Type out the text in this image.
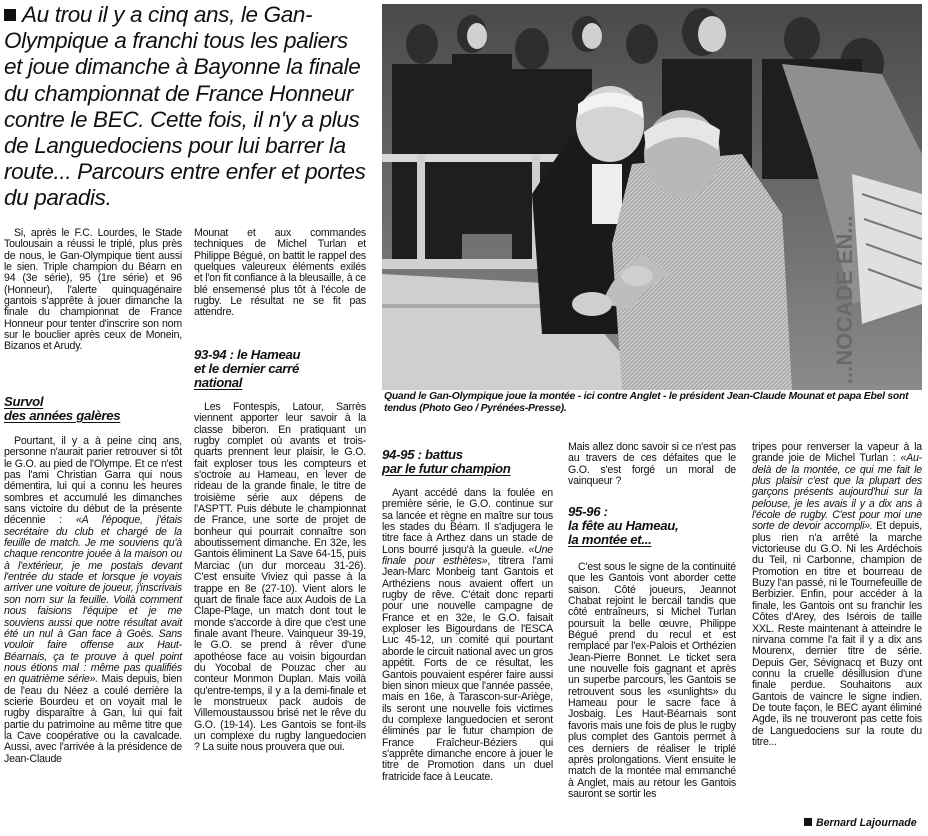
Au trou il y a cinq ans, le Gan-Olympique a franchi tous les paliers et joue dimanche à Bayonne la finale du championnat de France Honneur contre le BEC. Cette fois, il n'y a plus de Languedociens pour lui barrer la route... Parcours entre enfer et portes du paradis.

Si, après le F.C. Lourdes, le Stade Toulousain a réussi le triplé, plus près de nous, le Gan-Olympique tient aussi le sien. Triple champion du Béarn en 94 (3e série), 95 (1re série) et 96 (Honneur), l'alerte quinquagénaire gantois s'apprête à jouer dimanche la finale du championnat de France Honneur pour tenter d'inscrire son nom sur le bouclier après ceux de Monein, Bizanos et Arudy.

Survol
des années galères

Pourtant, il y a à peine cinq ans, personne n'aurait parier retrouver si tôt le G.O. au pied de l'Olympe. Et ce n'est pas l'ami Christian Garra qui nous démentira, lui qui a connu les heures sombres et accumulé les dimanches sans victoire du début de la présente décennie : «A l'époque, j'étais secrétaire du club et chargé de la feuille de match. Je me souviens qu'à chaque rencontre jouée à la maison ou à l'extérieur, je me postais devant l'entrée du stade et lorsque je voyais arriver une voiture de joueur, j'inscrivais son nom sur la feuille. Voilà comment nous faisions l'équipe et je me souviens aussi que notre résultat avait été un nul à Gan face à Goès. Sans vouloir faire offense aux Haut-Béarnais, ça te prouve à quel point nous étions mal : même pas qualifiés en quatrième série». Mais depuis, bien de l'eau du Néez a coulé derrière la scierie Bourdeu et on voyait mal le rugby disparaître à Gan, lui qui fait partie du patrimoine au même titre que la Cave coopérative ou la cavalcade. Aussi, avec l'arrivée à la présidence de Jean-Claude

Mounat et aux commandes techniques de Michel Turlan et Philippe Bégué, on battit le rappel des quelques valeureux éléments exilés et l'on fit confiance à la bleusaille, à ce blé ensemensé plus tôt à l'école de rugby. Le résultat ne se fit pas attendre.

93-94 : le Hameau
et le dernier carré
national

Les Fontespis, Latour, Sarrès viennent apporter leur savoir à la classe biberon. En pratiquant un rugby complet où avants et trois-quarts prennent leur plaisir, le G.O. fait exploser tous les compteurs et s'octroie au Hameau, en lever de rideau de la grande finale, le titre de troisième série aux dépens de l'ASPTT. Puis débute le championnat de France, une sorte de projet de bonheur qui pourrait connaître son aboutissement dimanche. En 32e, les Gantois éliminent La Save 64-15, puis Marciac (un dur morceau 31-26). C'est ensuite Viviez qui passe à la trappe en 8e (27-10). Vient alors le quart de finale face aux Audois de La Clape-Plage, un match dont tout le monde s'accorde à dire que c'est une finale avant l'heure. Vainqueur 39-19, le G.O. se prend à rêver d'une apothéose face au voisin bigourdan du Yocobal de Pouzac cher au conteur Monmon Duplan. Mais voilà qu'entre-temps, il y a la demi-finale et le monstrueux pack audois de Villemoustaussou brisé net le rêve du G.O. (19-14). Les Gantois se font-ils un complexe du rugby languedocien ? La suite nous prouvera que oui.

...NOCADE EN...
Quand le Gan-Olympique joue la montée - ici contre Anglet - le président Jean-Claude Mounat et papa Ebel sont tendus (Photo Geo / Pyrénées-Presse).
94-95 : battus
par le futur champion

Ayant accédé dans la foulée en première série, le G.O. continue sur sa lancée et règne en maître sur tous les stades du Béarn. Il s'adjugera le titre face à Arthez dans un stade de Lons bourré jusqu'à la gueule. «Une finale pour esthètes», titrera l'ami Jean-Marc Monbeig tant Gantois et Arthéziens nous avaient offert un rugby de rêve. C'était donc reparti pour une nouvelle campagne de France et en 32e, le G.O. faisait exploser les Bigourdans de l'ESCA Luc 45-12, un comité qui pourtant aborde le circuit national avec un gros appétit. Forts de ce résultat, les Gantois pouvaient espérer faire aussi bien sinon mieux que l'année passée, mais en 16e, à Tarascon-sur-Ariège, ils seront une nouvelle fois victimes du complexe languedocien et seront éliminés par le futur champion de France Fraîcheur-Béziers qui s'apprête dimanche encore à jouer le titre de Promotion dans un duel fratricide face à Leucate.

Mais allez donc savoir si ce n'est pas au travers de ces défaites que le G.O. s'est forgé un moral de vainqueur ?

95-96 :
la fête au Hameau,
la montée et...

C'est sous le signe de la continuité que les Gantois vont aborder cette saison. Côté joueurs, Jeannot Chabat rejoint le bercail tandis que côté entraîneurs, si Michel Turlan poursuit la belle œuvre, Philippe Bégué prend du recul et est remplacé par l'ex-Palois et Orthézien Jean-Pierre Bonnet. Le ticket sera une nouvelle fois gagnant et après un superbe parcours, les Gantois se retrouvent sous les «sunlights» du Hameau pour le sacre face à Josbaig. Les Haut-Béarnais sont favoris mais une fois de plus le rugby plus complet des Gantois permet à ces derniers de réaliser le triplé après prolongations. Vient ensuite le match de la montée mal emmanché à Anglet, mais au retour les Gantois sauront se sortir les

tripes pour renverser la vapeur à la grande joie de Michel Turlan : «Au-delà de la montée, ce qui me fait le plus plaisir c'est que la plupart des garçons présents aujourd'hui sur la pelouse, je les avais il y a dix ans à l'école de rugby. C'est pour moi une sorte de devoir accompli». Et depuis, plus rien n'a arrêté la marche victorieuse du G.O. Ni les Ardéchois du Teil, ni Carbonne, champion de Promotion en titre et bourreau de Buzy l'an passé, ni le Tournefeuille de Berbizier. Enfin, pour accéder à la finale, les Gantois ont su franchir les Côtes d'Arey, des Isérois de taille XXL. Reste maintenant à atteindre le nirvana comme l'a fait il y a dix ans Mourenx, dernier titre de série. Depuis Ger, Sévignacq et Buzy ont connu la cruelle désillusion d'une finale perdue. Souhaitons aux Gantois de vaincre le signe indien. De toute façon, le BEC ayant éliminé Agde, ils ne trouveront pas cette fois de Languedociens sur la route du titre...

Bernard Lajournade
